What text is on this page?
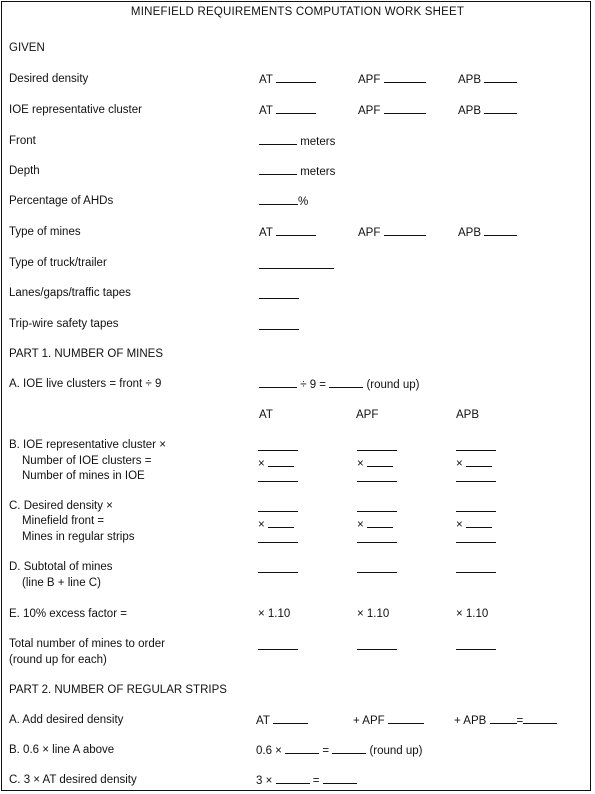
MINEFIELD REQUIREMENTS COMPUTATION WORK SHEET
GIVEN
Desired density	AT	APF	APB
IOE representative cluster	AT	APF	APB
Front	meters
Depth	meters
Percentage of AHDs	%
Type of mines	AT	APF	APB
Type of truck/trailer
Lanes/gaps/traffic tapes
Trip-wire safety tapes
PART 1. NUMBER OF MINES
A. IOE live clusters = front ÷ 9	÷ 9 =	(round up)
AT	APF	APB
B. IOE representative cluster ×
Number of IOE clusters =
Number of mines in IOE
×	×	×
C. Desired density ×
Minefield front =
Mines in regular strips
×	×	×
D. Subtotal of mines
(line B + line C)
E. 10% excess factor =	× 1.10	× 1.10	× 1.10
Total number of mines to order
(round up for each)
PART 2. NUMBER OF REGULAR STRIPS
A. Add desired density	AT	+ APF	+ APB	=
B. 0.6 × line A above	0.6 ×	=	(round up)
C. 3 × AT desired density	3 ×	=
